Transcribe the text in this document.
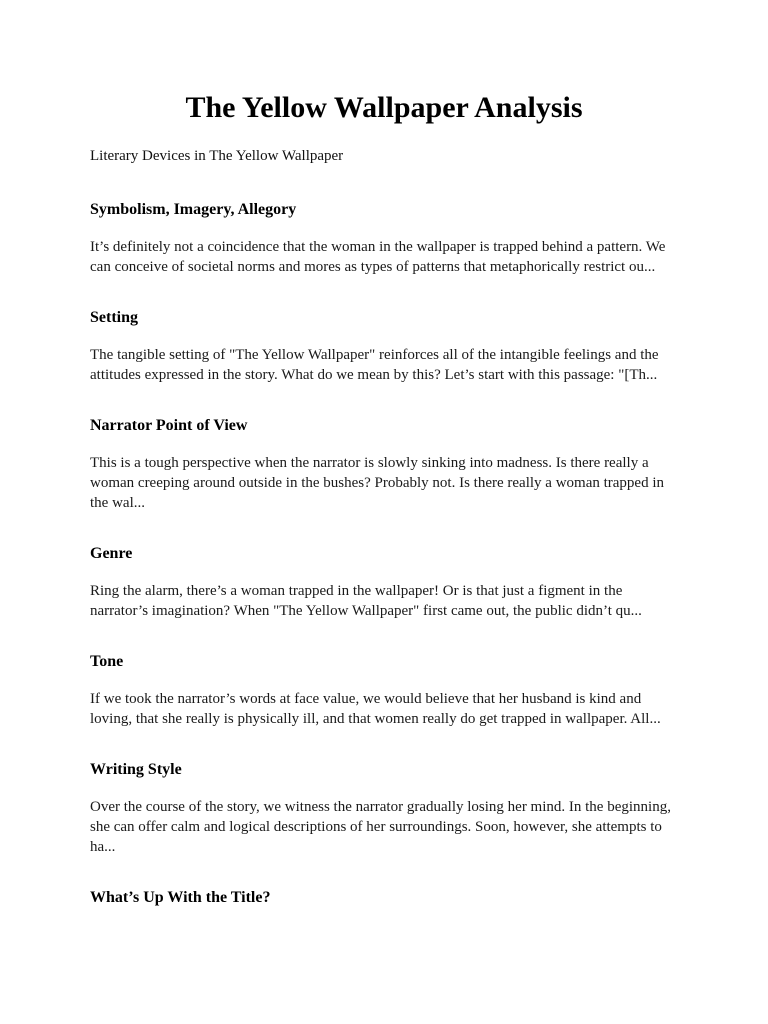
The Yellow Wallpaper Analysis

Literary Devices in The Yellow Wallpaper

Symbolism, Imagery, Allegory

It’s definitely not a coincidence that the woman in the wallpaper is trapped behind a pattern. We can conceive of societal norms and mores as types of patterns that metaphorically restrict ou...

Setting

The tangible setting of "The Yellow Wallpaper" reinforces all of the intangible feelings and the attitudes expressed in the story. What do we mean by this? Let’s start with this passage: "[Th...

Narrator Point of View

This is a tough perspective when the narrator is slowly sinking into madness. Is there really a woman creeping around outside in the bushes? Probably not. Is there really a woman trapped in the wal...

Genre

Ring the alarm, there’s a woman trapped in the wallpaper! Or is that just a figment in the narrator’s imagination? When "The Yellow Wallpaper" first came out, the public didn’t qu...

Tone

If we took the narrator’s words at face value, we would believe that her husband is kind and loving, that she really is physically ill, and that women really do get trapped in wallpaper. All...

Writing Style

Over the course of the story, we witness the narrator gradually losing her mind. In the beginning, she can offer calm and logical descriptions of her surroundings. Soon, however, she attempts to ha...

What’s Up With the Title?
